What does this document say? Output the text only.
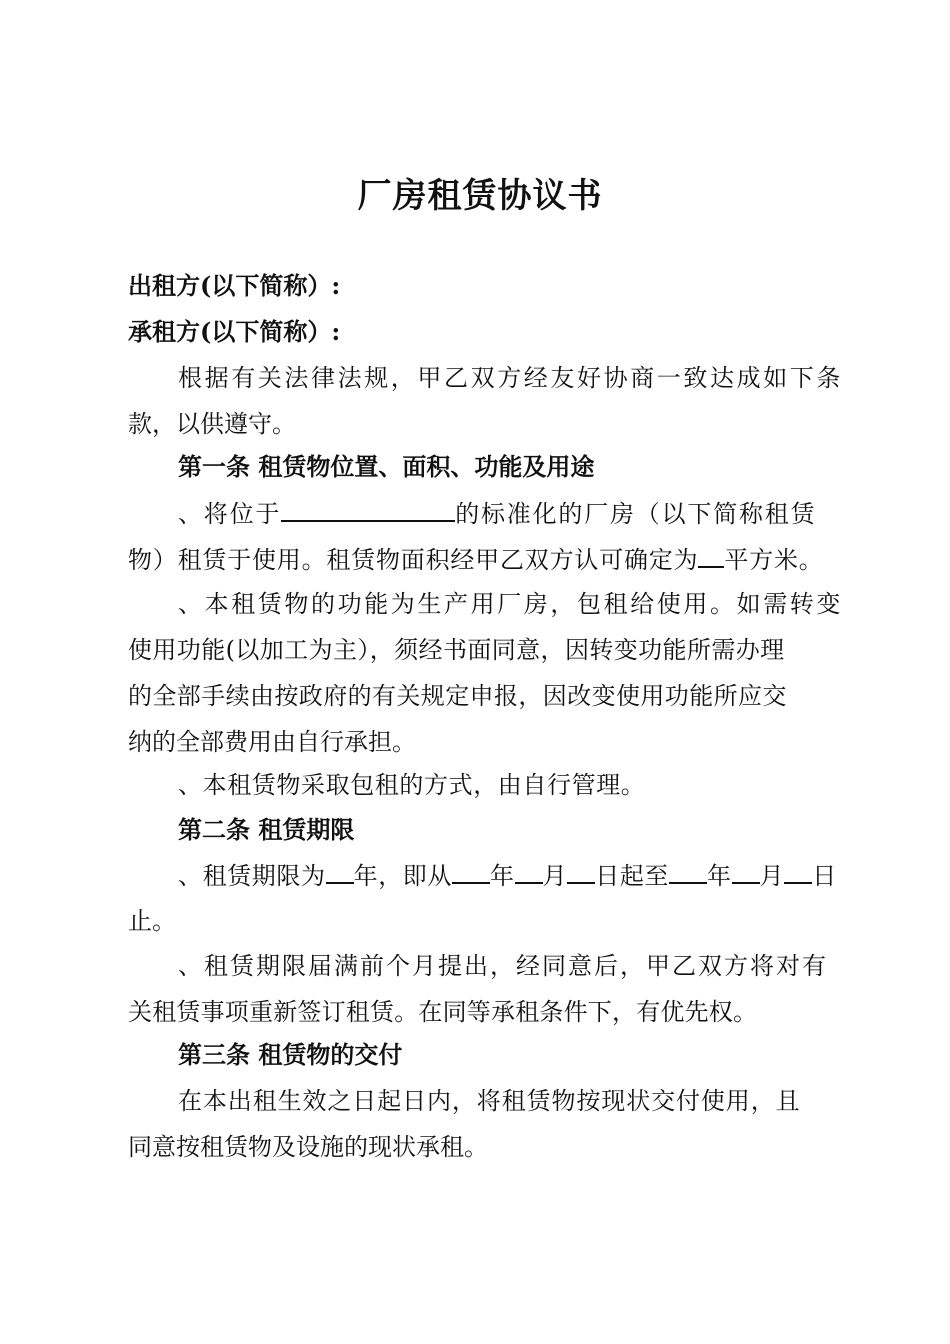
厂房租赁协议书

出租方(以下简称）:

承租方(以下简称）:

根据有关法律法规，甲乙双方经友好协商一致达成如下条

款，以供遵守。

第一条 租赁物位置、面积、功能及用途

、将位于	的标准化的厂房（以下简称租赁

物）租赁于使用。租赁物面积经甲乙双方认可确定为 平方米。

、本租赁物的功能为生产用厂房，包租给使用。如需转变

使用功能(以加工为主），须经书面同意，因转变功能所需办理

的全部手续由按政府的有关规定申报，因改变使用功能所应交

纳的全部费用由自行承担。

、本租赁物采取包租的方式，由自行管理。

第二条 租赁期限

、租赁期限为 年，即从 年 月 日起至 年 月 日

止。

、租赁期限届满前个月提出，经同意后，甲乙双方将对有

关租赁事项重新签订租赁。在同等承租条件下，有优先权。

第三条 租赁物的交付

在本出租生效之日起日内，将租赁物按现状交付使用，且

同意按租赁物及设施的现状承租。
